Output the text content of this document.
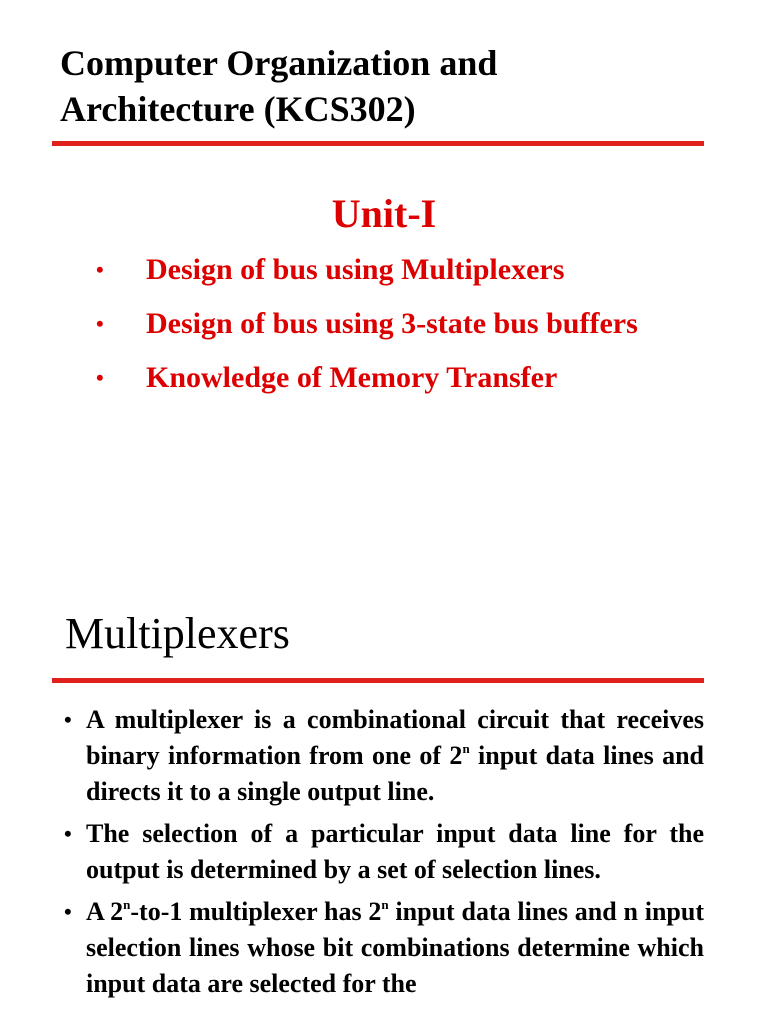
Computer Organization and
Architecture (KCS302)
Unit-I
• Design of bus using Multiplexers
• Design of bus using 3-state bus buffers
• Knowledge of Memory Transfer
Multiplexers
• A multiplexer is a combinational circuit that receives binary information from one of 2$^n$ input data lines and directs it to a single output line.
• The selection of a particular input data line for the output is determined by a set of selection lines.
• A 2$^n$-to-1 multiplexer has 2$^n$ input data lines and n input selection lines whose bit combinations determine which input data are selected for the
